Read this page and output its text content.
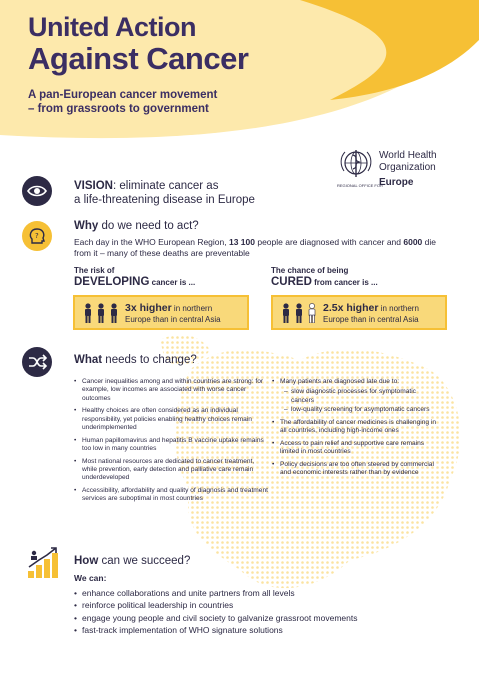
United Action
Against Cancer
A pan-European cancer movement
– from grassroots to government
World Health
Organization
REGIONAL OFFICE FOR
Europe
VISION: eliminate cancer as
a life-threatening disease in Europe
?
Why do we need to act?
Each day in the WHO European Region, 13 100 people are diagnosed with cancer and 6000 die from it – many of these deaths are preventable
The risk of
DEVELOPING cancer is ...
3x higher in northern
Europe than in central Asia
The chance of being
CURED from cancer is ...
2.5x higher in northern
Europe than in central Asia
What needs to change?
• Cancer inequalities among and within countries are strong: for example, low incomes are associated with worse cancer outcomes
• Healthy choices are often considered as an individual responsibility, yet policies enabling healthy choices remain underimplemented
• Human papillomavirus and hepatitis B vaccine uptake remains too low in many countries
• Most national resources are dedicated to cancer treatment, while prevention, early detection and palliative care remain underdeveloped
• Accessibility, affordability and quality of diagnosis and treatment services are suboptimal in most countries
• Many patients are diagnosed late due to:
– slow diagnostic processes for symptomatic cancers
– low-quality screening for asymptomatic cancers
• The affordability of cancer medicines is challenging in all countries, including high-income ones
• Access to pain relief and supportive care remains limited in most countries
• Policy decisions are too often steered by commercial and economic interests rather than by evidence
How can we succeed?
We can:
• enhance collaborations and unite partners from all levels
• reinforce political leadership in countries
• engage young people and civil society to galvanize grassroot movements
• fast-track implementation of WHO signature solutions
